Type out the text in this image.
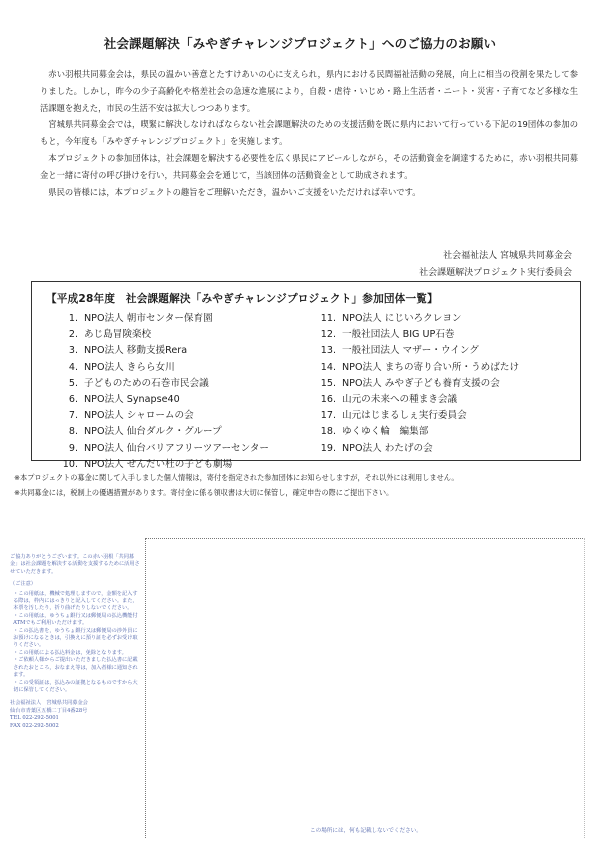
社会課題解決「みやぎチャレンジプロジェクト」へのご協力のお願い

赤い羽根共同募金会は，県民の温かい善意とたすけあいの心に支えられ，県内における民間福祉活動の発展，向上に相当の役割を果たして参りました。しかし，昨今の少子高齢化や格差社会の急速な進展により，自殺・虐待・いじめ・路上生活者・ニート・災害・子育てなど多様な生活課題を抱えた，市民の生活不安は拡大しつつあります。

宮城県共同募金会では，喫緊に解決しなければならない社会課題解決のための支援活動を既に県内において行っている下記の19団体の参加のもと，今年度も「みやぎチャレンジプロジェクト」を実施します。

本プロジェクトの参加団体は，社会課題を解決する必要性を広く県民にアピールしながら，その活動資金を調達するために，赤い羽根共同募金と一緒に寄付の呼び掛けを行い，共同募金会を通じて，当該団体の活動資金として助成されます。

県民の皆様には，本プロジェクトの趣旨をご理解いただき，温かいご支援をいただければ幸いです。

社会福祉法人 宮城県共同募金会
社会課題解決プロジェクト実行委員会
【平成28年度　社会課題解決「みやぎチャレンジプロジェクト」参加団体一覧】
1. NPO法人 朝市センター保育園
2. あじ島冒険楽校
3. NPO法人 移動支援Rera
4. NPO法人 きらら女川
5. 子どものための石巻市民会議
6. NPO法人 Synapse40
7. NPO法人 シャロームの会
8. NPO法人 仙台ダルク・グループ
9. NPO法人 仙台バリアフリーツアーセンター
10. NPO法人 せんだい杜の子ども劇場
11. NPO法人 にじいろクレヨン
12. 一般社団法人 BIG UP石巻
13. 一般社団法人 マザー・ウイング
14. NPO法人 まちの寄り合い所・うめばたけ
15. NPO法人 みやぎ子ども養育支援の会
16. 山元の未来への種まき会議
17. 山元はじまるしぇ実行委員会
18. ゆくゆく輪　編集部
19. NPO法人 わたげの会

※本プロジェクトの募金に関して入手しました個人情報は，寄付を指定された参加団体にお知らせしますが，それ以外には利用しません。

※共同募金には，税制上の優遇措置があります。寄付金に係る領収書は大切に保管し，確定申告の際にご提出下さい。

ご協力ありがとうございます。この赤い羽根「共同募金」は社会課題を解決する活動を支援するために活用させていただきます。

（ご注意）

・この用紙は，機械で処理しますので，金額を記入する際は，枠内にはっきりと記入してください。また，本票を汚したり，折り曲げたりしないでください。

・この用紙は，ゆうちょ銀行又は郵便局の払込機能付ATMでもご利用いただけます。

・この払込書を，ゆうちょ銀行又は郵便局の渉外員にお預けになるときは，引換えに預り証を必ずお受け取りください。

・この用紙による払込料金は，免除となります。

・ご依頼人様からご提出いただきました払込書に記載されたおところ，おなまえ等は，加入者様に通知されます。

・この受領証は，払込みの証拠となるものですから大切に保管してください。

社会福祉法人　宮城県共同募金会

仙台市青葉区五橋二丁目4番28号

TEL 022-292-5001

FAX 022-292-5002

この場所には，何も記載しないでください。
